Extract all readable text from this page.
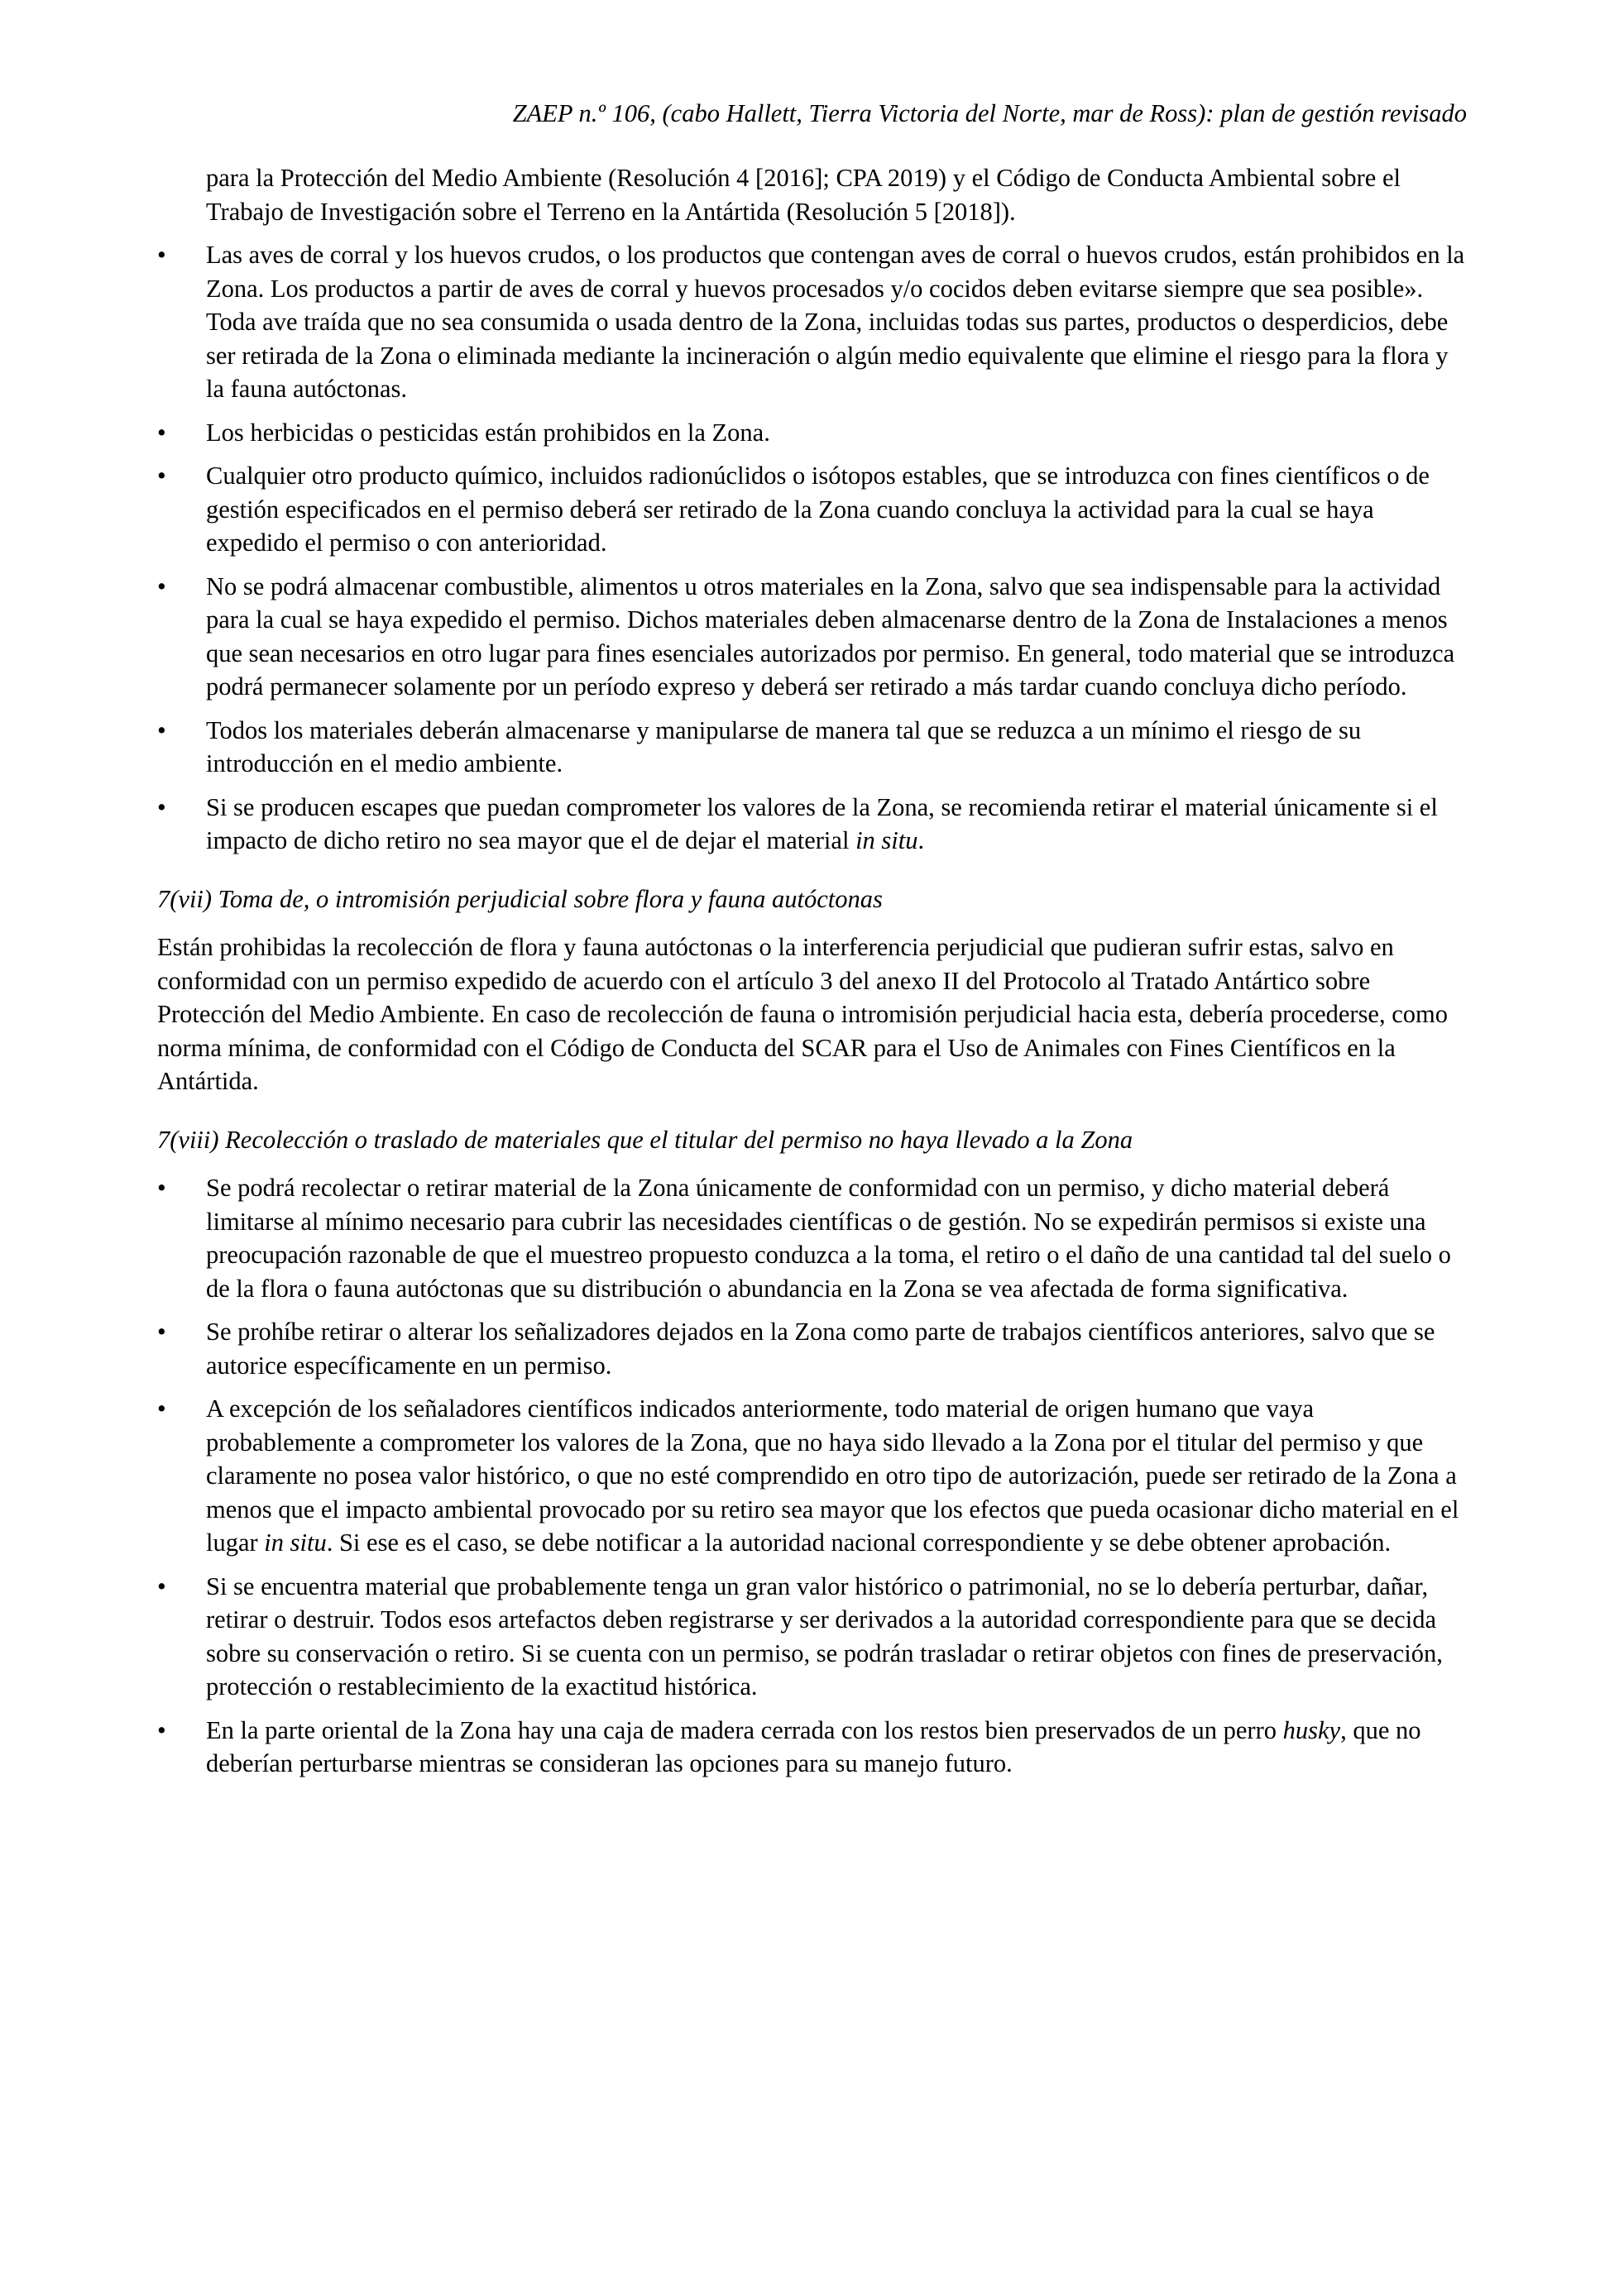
ZAEP n.º 106, (cabo Hallett, Tierra Victoria del Norte, mar de Ross): plan de gestión revisado

para la Protección del Medio Ambiente (Resolución 4 [2016]; CPA 2019) y el Código de Conducta Ambiental sobre el Trabajo de Investigación sobre el Terreno en la Antártida (Resolución 5 [2018]).

• Las aves de corral y los huevos crudos, o los productos que contengan aves de corral o huevos crudos, están prohibidos en la Zona. Los productos a partir de aves de corral y huevos procesados y/o cocidos deben evitarse siempre que sea posible». Toda ave traída que no sea consumida o usada dentro de la Zona, incluidas todas sus partes, productos o desperdicios, debe ser retirada de la Zona o eliminada mediante la incineración o algún medio equivalente que elimine el riesgo para la flora y la fauna autóctonas.
• Los herbicidas o pesticidas están prohibidos en la Zona.
• Cualquier otro producto químico, incluidos radionúclidos o isótopos estables, que se introduzca con fines científicos o de gestión especificados en el permiso deberá ser retirado de la Zona cuando concluya la actividad para la cual se haya expedido el permiso o con anterioridad.
• No se podrá almacenar combustible, alimentos u otros materiales en la Zona, salvo que sea indispensable para la actividad para la cual se haya expedido el permiso. Dichos materiales deben almacenarse dentro de la Zona de Instalaciones a menos que sean necesarios en otro lugar para fines esenciales autorizados por permiso. En general, todo material que se introduzca podrá permanecer solamente por un período expreso y deberá ser retirado a más tardar cuando concluya dicho período.
• Todos los materiales deberán almacenarse y manipularse de manera tal que se reduzca a un mínimo el riesgo de su introducción en el medio ambiente.
• Si se producen escapes que puedan comprometer los valores de la Zona, se recomienda retirar el material únicamente si el impacto de dicho retiro no sea mayor que el de dejar el material in situ.

7(vii) Toma de, o intromisión perjudicial sobre flora y fauna autóctonas

Están prohibidas la recolección de flora y fauna autóctonas o la interferencia perjudicial que pudieran sufrir estas, salvo en conformidad con un permiso expedido de acuerdo con el artículo 3 del anexo II del Protocolo al Tratado Antártico sobre Protección del Medio Ambiente. En caso de recolección de fauna o intromisión perjudicial hacia esta, debería procederse, como norma mínima, de conformidad con el Código de Conducta del SCAR para el Uso de Animales con Fines Científicos en la Antártida.

7(viii) Recolección o traslado de materiales que el titular del permiso no haya llevado a la Zona

• Se podrá recolectar o retirar material de la Zona únicamente de conformidad con un permiso, y dicho material deberá limitarse al mínimo necesario para cubrir las necesidades científicas o de gestión. No se expedirán permisos si existe una preocupación razonable de que el muestreo propuesto conduzca a la toma, el retiro o el daño de una cantidad tal del suelo o de la flora o fauna autóctonas que su distribución o abundancia en la Zona se vea afectada de forma significativa.
• Se prohíbe retirar o alterar los señalizadores dejados en la Zona como parte de trabajos científicos anteriores, salvo que se autorice específicamente en un permiso.
• A excepción de los señaladores científicos indicados anteriormente, todo material de origen humano que vaya probablemente a comprometer los valores de la Zona, que no haya sido llevado a la Zona por el titular del permiso y que claramente no posea valor histórico, o que no esté comprendido en otro tipo de autorización, puede ser retirado de la Zona a menos que el impacto ambiental provocado por su retiro sea mayor que los efectos que pueda ocasionar dicho material en el lugar in situ. Si ese es el caso, se debe notificar a la autoridad nacional correspondiente y se debe obtener aprobación.
• Si se encuentra material que probablemente tenga un gran valor histórico o patrimonial, no se lo debería perturbar, dañar, retirar o destruir. Todos esos artefactos deben registrarse y ser derivados a la autoridad correspondiente para que se decida sobre su conservación o retiro. Si se cuenta con un permiso, se podrán trasladar o retirar objetos con fines de preservación, protección o restablecimiento de la exactitud histórica.
• En la parte oriental de la Zona hay una caja de madera cerrada con los restos bien preservados de un perro husky, que no deberían perturbarse mientras se consideran las opciones para su manejo futuro.
